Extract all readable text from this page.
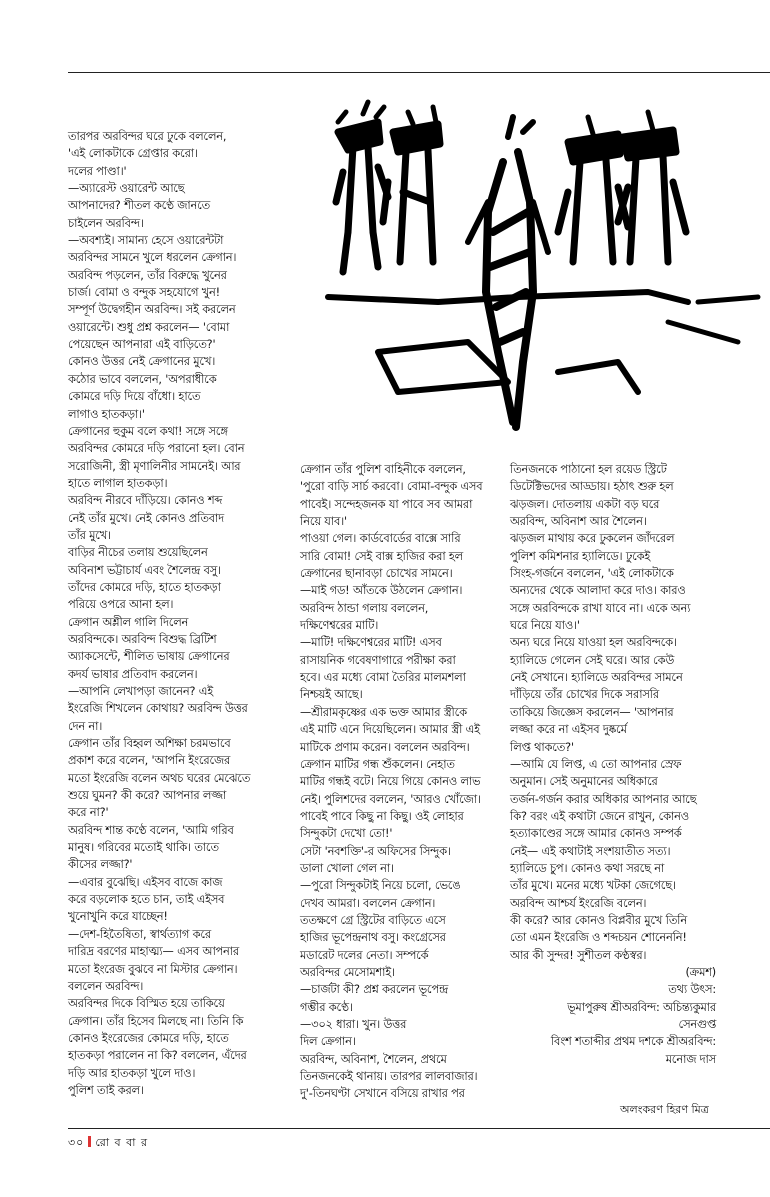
তারপর অরবিন্দর ঘরে ঢুকে বললেন,
'এই লোকটাকে গ্রেপ্তার করো।
দলের পাণ্ডা।'

—অ্যারেস্ট ওয়ারেন্ট আছে
আপনাদের? শীতল কণ্ঠে জানতে
চাইলেন অরবিন্দ।

—অবশ্যই। সামান্য হেসে ওয়ারেন্টটা
অরবিন্দর সামনে খুলে ধরলেন ক্রেগান।

অরবিন্দ পড়লেন, তাঁর বিরুদ্ধে খুনের
চার্জ। বোমা ও বন্দুক সহযোগে খুন!

সম্পূর্ণ উদ্বেগহীন অরবিন্দ। সই করলেন
ওয়ারেন্টে। শুধু প্রশ্ন করলেন— 'বোমা
পেয়েছেন আপনারা এই বাড়িতে?'

কোনও উত্তর নেই ক্রেগানের মুখে।
কঠোর ভাবে বললেন, 'অপরাধীকে
কোমরে দড়ি দিয়ে বাঁধো। হাতে
লাগাও হাতকড়া।'

ক্রেগানের হুকুম বলে কথা! সঙ্গে সঙ্গে
অরবিন্দর কোমরে দড়ি পরানো হল। বোন
সরোজিনী, স্ত্রী মৃণালিনীর সামনেই। আর
হাতে লাগাল হাতকড়া।

অরবিন্দ নীরবে দাঁড়িয়ে। কোনও শব্দ
নেই তাঁর মুখে। নেই কোনও প্রতিবাদ
তাঁর মুখে।

বাড়ির নীচের তলায় শুয়েছিলেন
অবিনাশ ভট্টাচার্য এবং শৈলেন্দ্র বসু।
তাঁদের কোমরে দড়ি, হাতে হাতকড়া
পরিয়ে ওপরে আনা হল।

ক্রেগান অশ্লীল গালি দিলেন
অরবিন্দকে। অরবিন্দ বিশুদ্ধ ব্রিটিশ
অ্যাকসেন্টে, শীলিত ভাষায় ক্রেগানের
কদর্য ভাষার প্রতিবাদ করলেন।

—আপনি লেখাপড়া জানেন? এই
ইংরেজি শিখলেন কোথায়? অরবিন্দ উত্তর
দেন না।

ক্রেগান তাঁর বিহ্বল অশিক্ষা চরমভাবে
প্রকাশ করে বলেন, 'আপনি ইংরেজের
মতো ইংরেজি বলেন অথচ ঘরের মেঝেতে
শুয়ে ঘুমন? কী করে? আপনার লজ্জা
করে না?'

অরবিন্দ শান্ত কণ্ঠে বলেন, 'আমি গরিব
মানুষ। গরিবের মতোই থাকি। তাতে
কীসের লজ্জা?'

—এবার বুঝেছি। এইসব বাজে কাজ
করে বড়লোক হতে চান, তাই এইসব
খুনোখুনি করে যাচ্ছেন!

—দেশ-হিতৈষিতা, স্বার্থত্যাগ করে
দারিদ্র বরণের মাহাত্ম্য— এসব আপনার
মতো ইংরেজ বুঝবে না মিস্টার ক্রেগান।
বললেন অরবিন্দ।

অরবিন্দর দিকে বিস্মিত হয়ে তাকিয়ে
ক্রেগান। তাঁর হিসেব মিলছে না। তিনি কি
কোনও ইংরেজের কোমরে দড়ি, হাতে
হাতকড়া পরালেন না কি? বললেন, এঁদের
দড়ি আর হাতকড়া খুলে দাও।

পুলিশ তাই করল।

ক্রেগান তাঁর পুলিশ বাহিনীকে বললেন,
'পুরো বাড়ি সার্চ করবো। বোমা-বন্দুক এসব
পাবেই। সন্দেহজনক যা পাবে সব আমরা
নিয়ে যাব।'

পাওয়া গেল। কার্ডবোর্ডের বাক্সে সারি
সারি বোমা! সেই বাক্স হাজির করা হল
ক্রেগানের ছানাবড়া চোখের সামনে।

—মাই গড! আঁতকে উঠলেন ক্রেগান।

অরবিন্দ ঠান্ডা গলায় বললেন,
দক্ষিণেশ্বরের মাটি।

—মাটি! দক্ষিণেশ্বরের মাটি! এসব
রাসায়নিক গবেষণাগারে পরীক্ষা করা
হবে। এর মধ্যে বোমা তৈরির মালমশলা
নিশ্চয়ই আছে।

—শ্রীরামকৃষ্ণের এক ভক্ত আমার স্ত্রীকে
এই মাটি এনে দিয়েছিলেন। আমার স্ত্রী এই
মাটিকে প্রণাম করেন। বললেন অরবিন্দ।

ক্রেগান মাটির গন্ধ শুঁকলেন। নেহাত
মাটির গন্ধই বটে। নিয়ে গিয়ে কোনও লাভ
নেই। পুলিশদের বললেন, 'আরও খোঁজো।
পাবেই পাবে কিছু না কিছু। ওই লোহার
সিন্দুকটা দেখো তো!'

সেটা 'নবশক্তি'-র অফিসের সিন্দুক।
ডালা খোলা গেল না।

—পুরো সিন্দুকটাই নিয়ে চলো, ভেঙে
দেখব আমরা। বললেন ক্রেগান।

ততক্ষণে গ্রে স্ট্রিটের বাড়িতে এসে
হাজির ভূপেন্দ্রনাথ বসু। কংগ্রেসের
মডারেট দলের নেতা। সম্পর্কে
অরবিন্দর মেসোমশাই।

—চার্জটা কী? প্রশ্ন করলেন ভূপেন্দ্র
গম্ভীর কণ্ঠে।

—৩০২ ধারা। খুন। উত্তর
দিল ক্রেগান।

অরবিন্দ, অবিনাশ, শৈলেন, প্রথমে
তিনজনকেই থানায়। তারপর লালবাজার।
দু'-তিনঘণ্টা সেখানে বসিয়ে রাখার পর

তিনজনকে পাঠানো হল রয়েড স্ট্রিটে
ডিটেক্টিভদের আড্ডায়। হঠাৎ শুরু হল
ঝড়জল। দোতলায় একটা বড় ঘরে
অরবিন্দ, অবিনাশ আর শৈলেন।

ঝড়জল মাথায় করে ঢুকলেন জাঁদরেল
পুলিশ কমিশনার হ্যালিডে। ঢুকেই
সিংহ-গর্জনে বললেন, 'এই লোকটাকে
অন্যদের থেকে আলাদা করে দাও। কারও
সঙ্গে অরবিন্দকে রাখা যাবে না। একে অন্য
ঘরে নিয়ে যাও।'

অন্য ঘরে নিয়ে যাওয়া হল অরবিন্দকে।
হ্যালিডে গেলেন সেই ঘরে। আর কেউ
নেই সেখানে। হ্যালিডে অরবিন্দর সামনে
দাঁড়িয়ে তাঁর চোখের দিকে সরাসরি
তাকিয়ে জিজ্ঞেস করলেন— 'আপনার
লজ্জা করে না এইসব দুষ্কর্মে
লিপ্ত থাকতে?'

—আমি যে লিপ্ত, এ তো আপনার স্রেফ
অনুমান। সেই অনুমানের অধিকারে
তর্জন-গর্জন করার অধিকার আপনার আছে
কি? বরং এই কথাটা জেনে রাখুন, কোনও
হত্যাকাণ্ডের সঙ্গে আমার কোনও সম্পর্ক
নেই— এই কথাটাই সংশয়াতীত সত্য।

হ্যালিডে চুপ। কোনও কথা সরছে না
তাঁর মুখে। মনের মধ্যে খটকা জেগেছে।
অরবিন্দ আশ্চর্য ইংরেজি বলেন।
কী করে? আর কোনও বিপ্লবীর মুখে তিনি
তো এমন ইংরেজি ও শব্দচয়ন শোনেননি!
আর কী সুন্দর! সুশীতল কণ্ঠস্বর।

(ক্রমশ)

তথ্য উৎস:

ভূমাপুরুষ শ্রীঅরবিন্দ: অচিন্ত্যকুমার

সেনগুপ্ত

বিংশ শতাব্দীর প্রথম দশকে শ্রীঅরবিন্দ:

মনোজ দাস

অলংকরণ হিরণ মিত্র
৩০ রো ব বা র
